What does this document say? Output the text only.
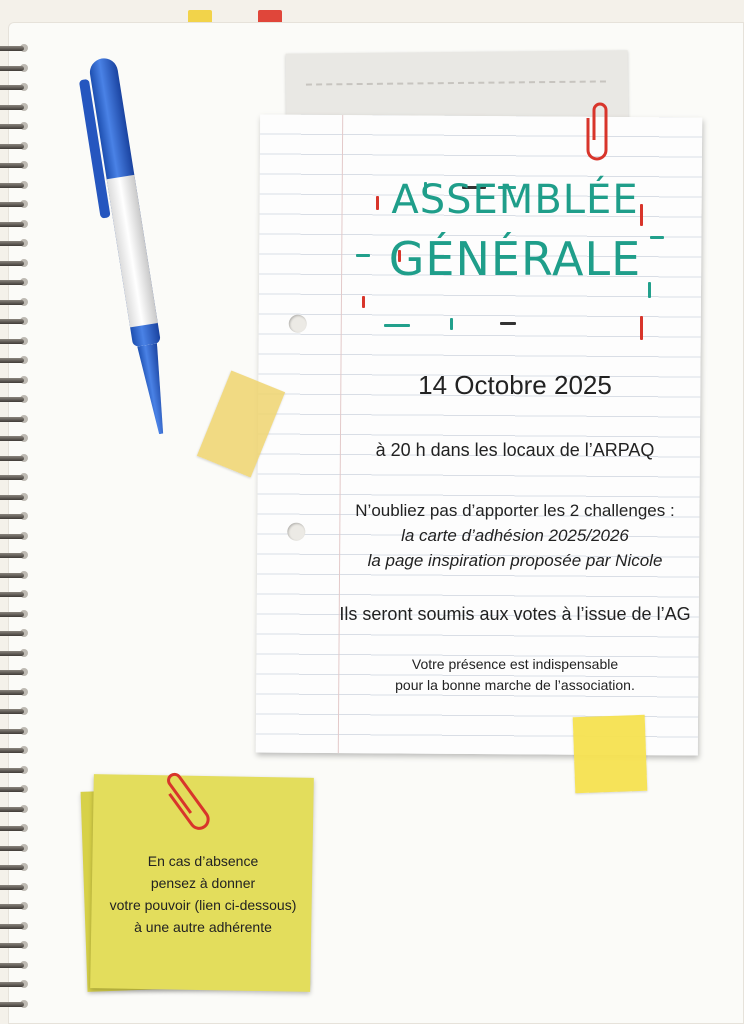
ASSEMBLÉE
GÉNÉRALE
14 Octobre 2025
à 20 h dans les locaux de l’ARPAQ
N’oubliez pas d’apporter les 2 challenges :
la carte d’adhésion 2025/2026
la page inspiration proposée par Nicole
Ils seront soumis aux votes à l’issue de l’AG
Votre présence est indispensable
pour la bonne marche de l’association.
En cas d’absence
pensez à donner
votre pouvoir (lien ci-dessous)
à une autre adhérente
